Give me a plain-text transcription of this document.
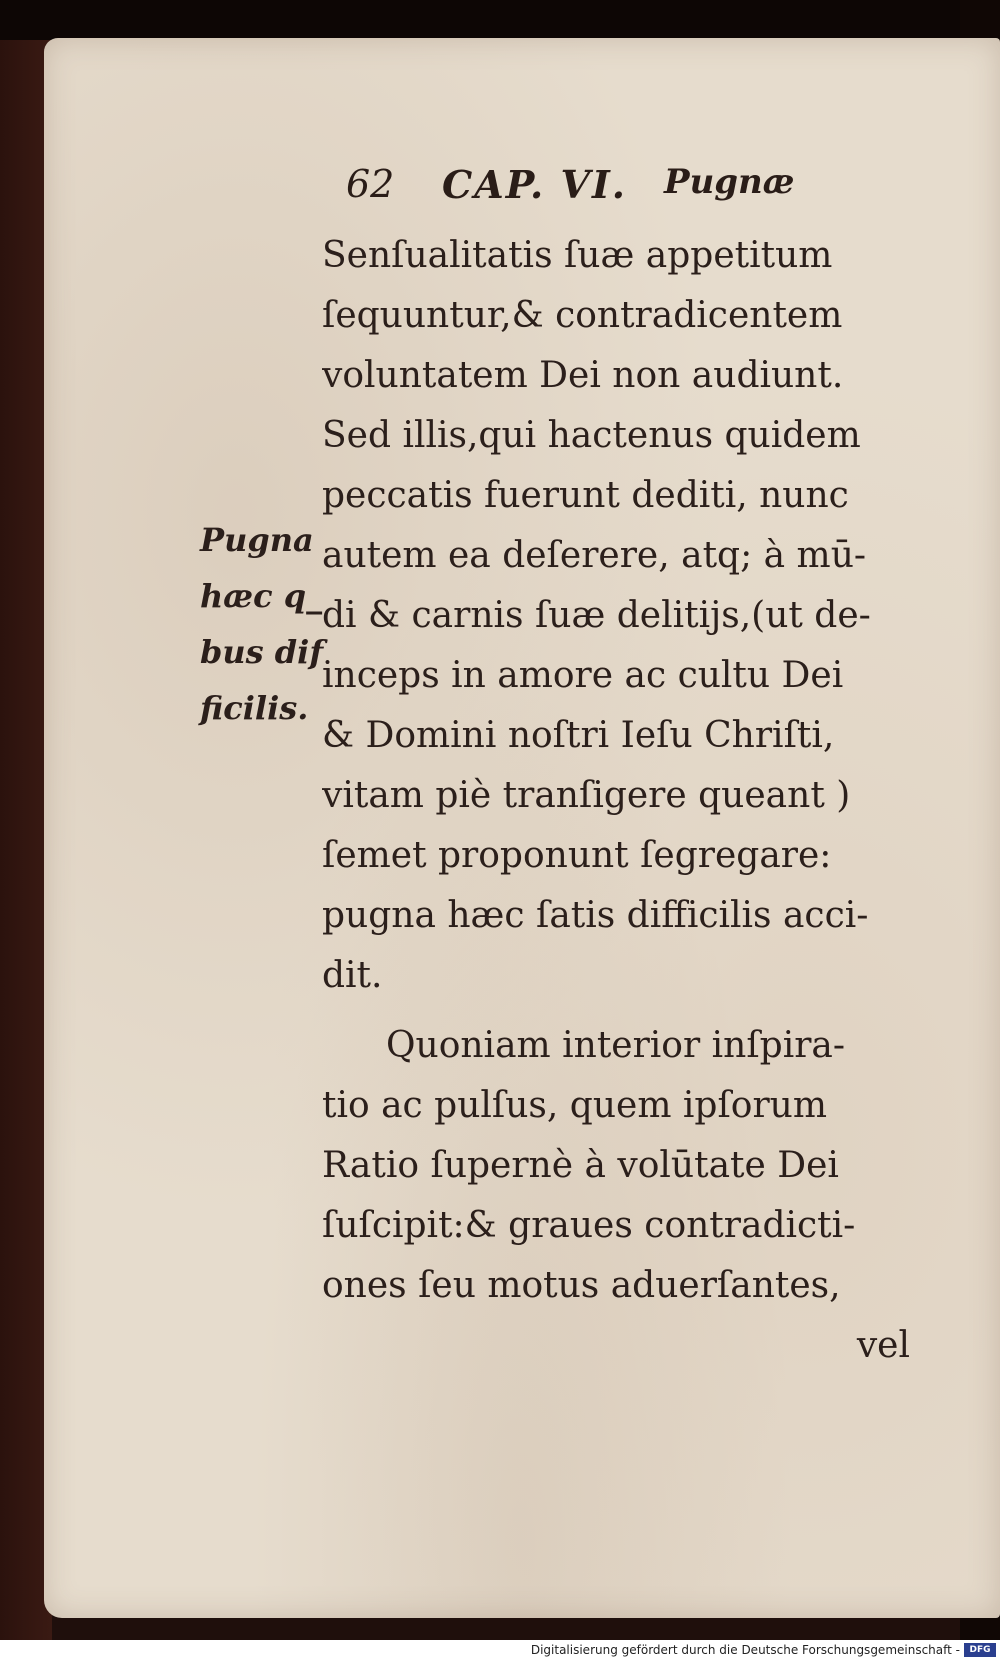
62 CAP. VI. Pugnæ
Pugna
hæc q_
bus dif
ficilis.
Senſualitatis ſuæ appetitum
ſequuntur,& contradicentem
voluntatem Dei non audiunt.
Sed illis,qui hactenus quidem
peccatis fuerunt dediti, nunc
autem ea deſerere, atq; à mū-
di & carnis ſuæ delitijs,(ut de-
inceps in amore ac cultu Dei
& Domini noſtri Ieſu Chriſti,
vitam piè tranſigere queant )
ſemet proponunt ſegregare:
pugna hæc ſatis difficilis acci-
dit.
Quoniam interior inſpira-
tio ac pulſus, quem ipſorum
Ratio ſupernè à volūtate Dei
ſuſcipit:& graues contradicti-
ones ſeu motus aduerſantes,
vel
Digitalisierung gefördert durch die Deutsche Forschungsgemeinschaft -	DFG
